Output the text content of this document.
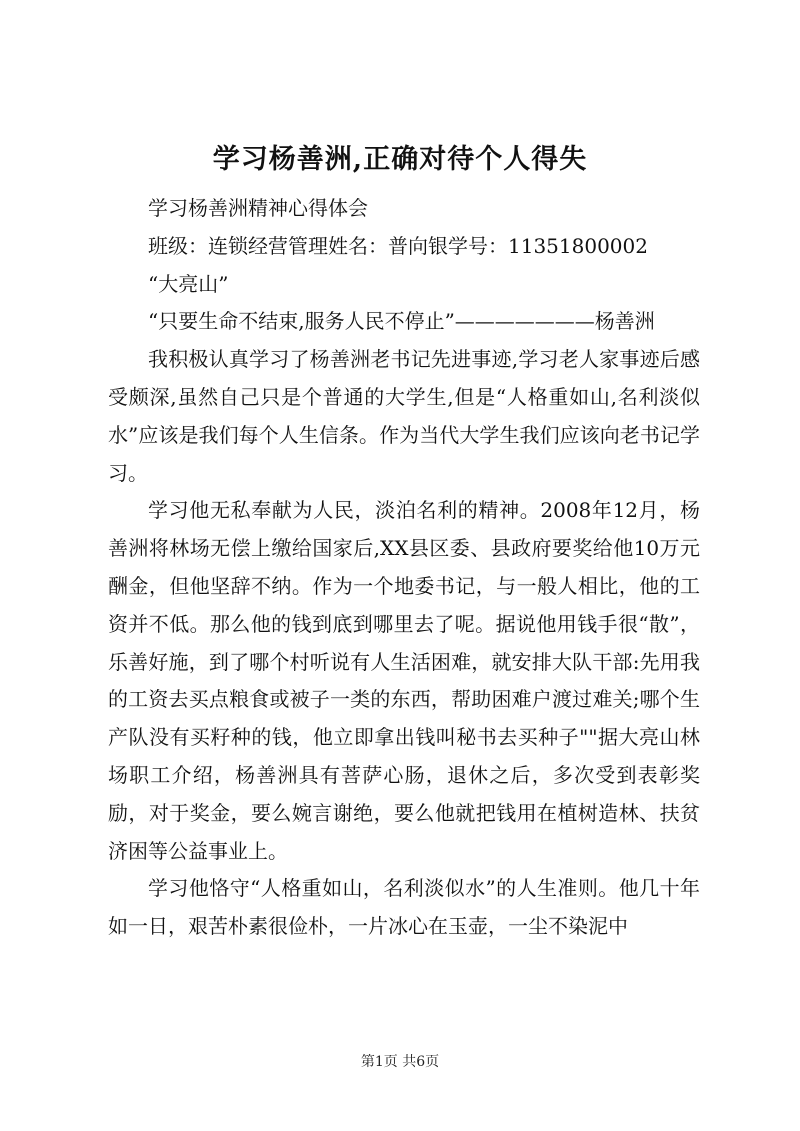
学习杨善洲,正确对待个人得失

学习杨善洲精神心得体会

班级：连锁经营管理姓名：普向银学号：11351800002

“大亮山”

“只要生命不结束,服务人民不停止”———————杨善洲

我积极认真学习了杨善洲老书记先进事迹,学习老人家事迹后感受颇深,虽然自己只是个普通的大学生,但是“人格重如山,名利淡似水”应该是我们每个人生信条。作为当代大学生我们应该向老书记学习。

学习他无私奉献为人民，淡泊名利的精神。2008年12月，杨善洲将林场无偿上缴给国家后,XX县区委、县政府要奖给他10万元酬金，但他坚辞不纳。作为一个地委书记，与一般人相比，他的工资并不低。那么他的钱到底到哪里去了呢。据说他用钱手很“散”，乐善好施，到了哪个村听说有人生活困难，就安排大队干部:先用我的工资去买点粮食或被子一类的东西，帮助困难户渡过难关;哪个生产队没有买籽种的钱，他立即拿出钱叫秘书去买种子""据大亮山林场职工介绍，杨善洲具有菩萨心肠，退休之后，多次受到表彰奖励，对于奖金，要么婉言谢绝，要么他就把钱用在植树造林、扶贫济困等公益事业上。

学习他恪守“人格重如山，名利淡似水”的人生准则。他几十年如一日，艰苦朴素很俭朴，一片冰心在玉壶，一尘不染泥中

第1页 共6页
